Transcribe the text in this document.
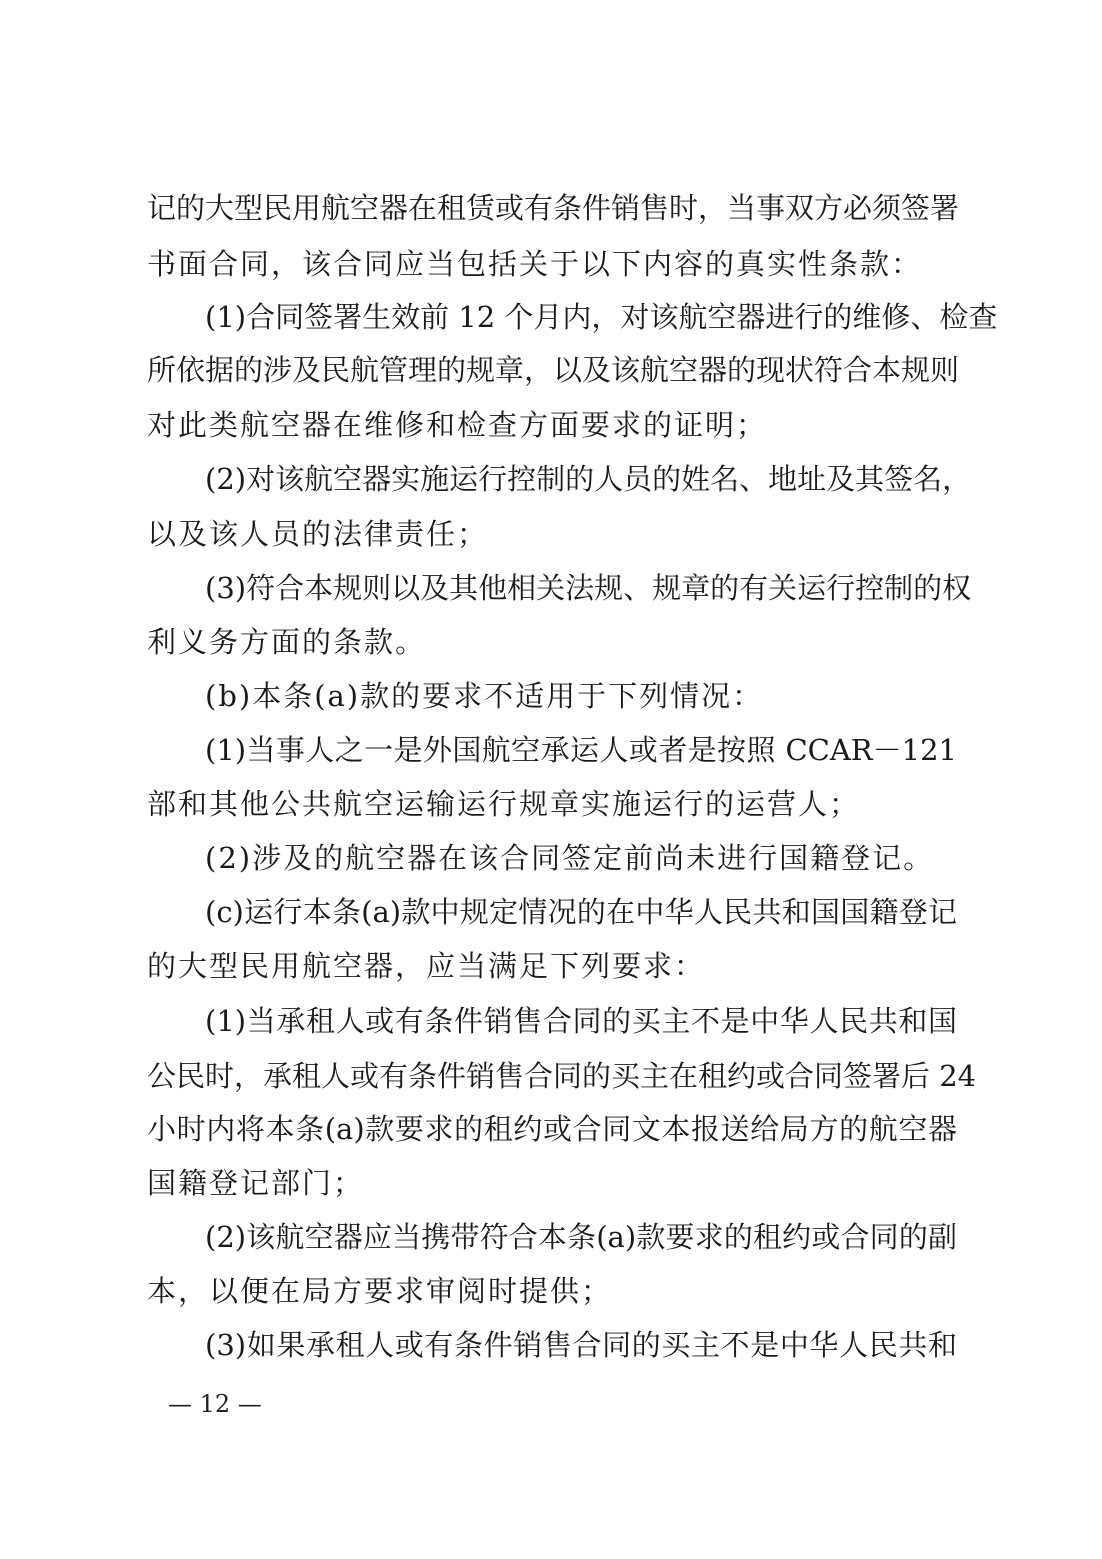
记的大型民用航空器在租赁或有条件销售时，当事双方必须签署
书面合同，该合同应当包括关于以下内容的真实性条款：
(1)合同签署生效前 12 个月内，对该航空器进行的维修、检查
所依据的涉及民航管理的规章，以及该航空器的现状符合本规则
对此类航空器在维修和检查方面要求的证明；
(2)对该航空器实施运行控制的人员的姓名、地址及其签名，
以及该人员的法律责任；
(3)符合本规则以及其他相关法规、规章的有关运行控制的权
利义务方面的条款。
(b)本条(a)款的要求不适用于下列情况：
(1)当事人之一是外国航空承运人或者是按照 CCAR－121
部和其他公共航空运输运行规章实施运行的运营人；
(2)涉及的航空器在该合同签定前尚未进行国籍登记。
(c)运行本条(a)款中规定情况的在中华人民共和国国籍登记
的大型民用航空器，应当满足下列要求：
(1)当承租人或有条件销售合同的买主不是中华人民共和国
公民时，承租人或有条件销售合同的买主在租约或合同签署后 24
小时内将本条(a)款要求的租约或合同文本报送给局方的航空器
国籍登记部门；
(2)该航空器应当携带符合本条(a)款要求的租约或合同的副
本，以便在局方要求审阅时提供；
(3)如果承租人或有条件销售合同的买主不是中华人民共和
— 12 —
